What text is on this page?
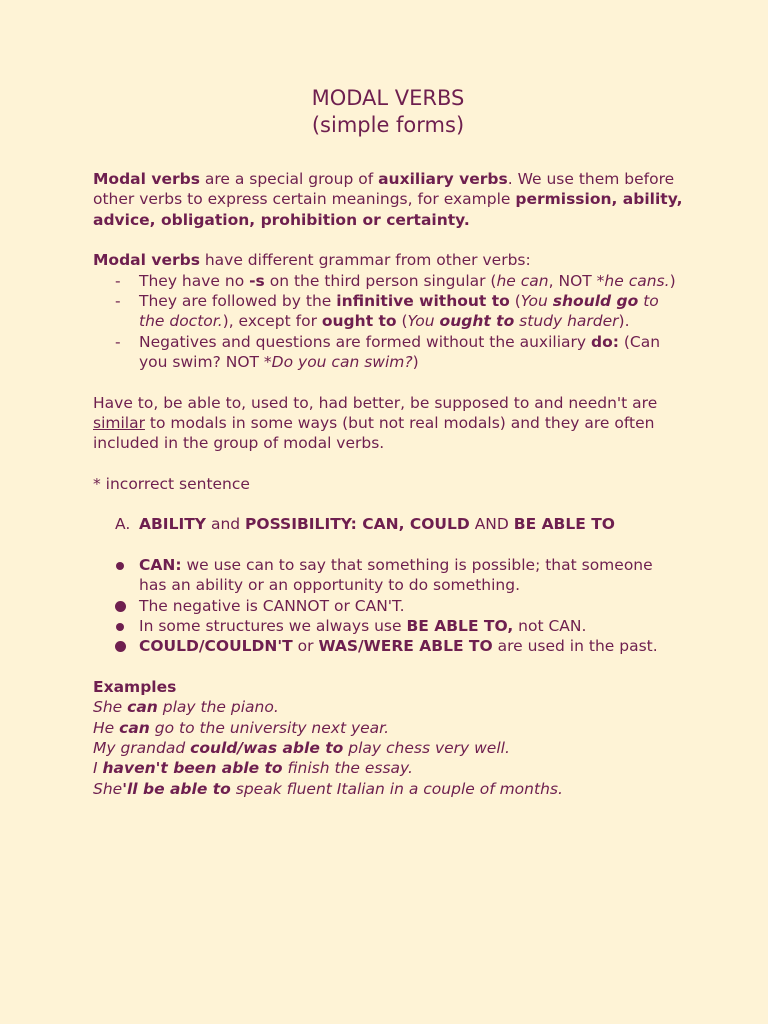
MODAL VERBS

(simple forms)

Modal verbs are a special group of auxiliary verbs. We use them before other verbs to express certain meanings, for example permission, ability, advice, obligation, prohibition or certainty.

Modal verbs have different grammar from other verbs:

- They have no -s on the third person singular (he can, NOT *he cans.)
- They are followed by the infinitive without to (You should go to the doctor.), except for ought to (You ought to study harder).
- Negatives and questions are formed without the auxiliary do: (Can you swim? NOT *Do you can swim?)

Have to, be able to, used to, had better, be supposed to and needn't are similar to modals in some ways (but not real modals) and they are often included in the group of modal verbs.

* incorrect sentence

A. ABILITY and POSSIBILITY: CAN, COULD AND BE ABLE TO
CAN: we use can to say that something is possible; that someone has an ability or an opportunity to do something.
The negative is CANNOT or CAN'T.
In some structures we always use BE ABLE TO, not CAN.
COULD/COULDN'T or WAS/WERE ABLE TO are used in the past.

Examples

She can play the piano.

He can go to the university next year.

My grandad could/was able to play chess very well.

I haven't been able to finish the essay.

She'll be able to speak fluent Italian in a couple of months.
